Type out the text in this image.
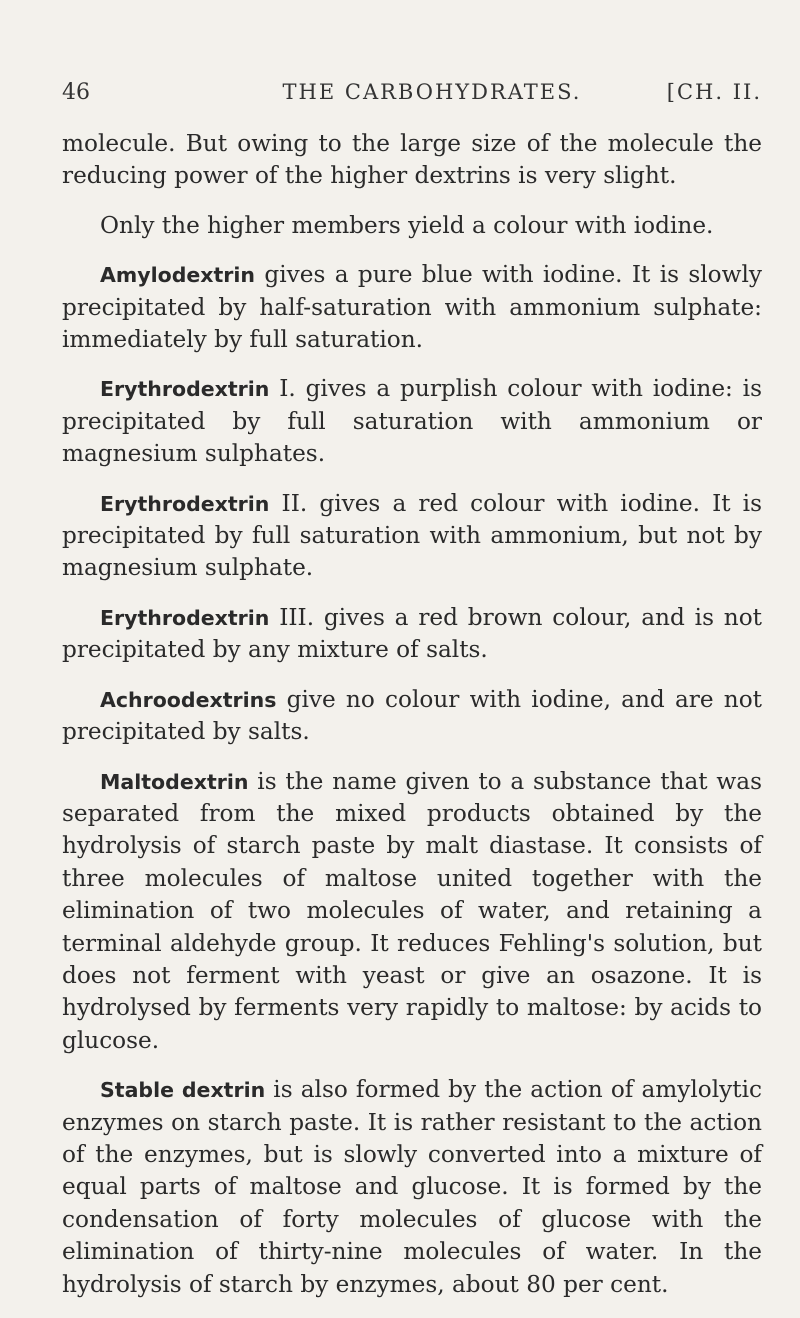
46	THE CARBOHYDRATES.	[CH. II.

molecule. But owing to the large size of the molecule the reducing power of the higher dextrins is very slight.

Only the higher members yield a colour with iodine.

Amylodextrin gives a pure blue with iodine. It is slowly precipitated by half-saturation with ammonium sulphate: immediately by full saturation.

Erythrodextrin I. gives a purplish colour with iodine: is precipitated by full saturation with ammonium or magnesium sulphates.

Erythrodextrin II. gives a red colour with iodine. It is precipitated by full saturation with ammonium, but not by magnesium sulphate.

Erythrodextrin III. gives a red brown colour, and is not precipitated by any mixture of salts.

Achroodextrins give no colour with iodine, and are not precipitated by salts.

Maltodextrin is the name given to a substance that was separated from the mixed products obtained by the hydrolysis of starch paste by malt diastase. It consists of three molecules of maltose united together with the elimination of two molecules of water, and retaining a terminal aldehyde group. It reduces Fehling's solution, but does not ferment with yeast or give an osazone. It is hydrolysed by ferments very rapidly to maltose: by acids to glucose.

Stable dextrin is also formed by the action of amylolytic enzymes on starch paste. It is rather resistant to the action of the enzymes, but is slowly converted into a mixture of equal parts of maltose and glucose. It is formed by the condensation of forty molecules of glucose with the elimination of thirty-nine molecules of water. In the hydrolysis of starch by enzymes, about 80 per cent.
